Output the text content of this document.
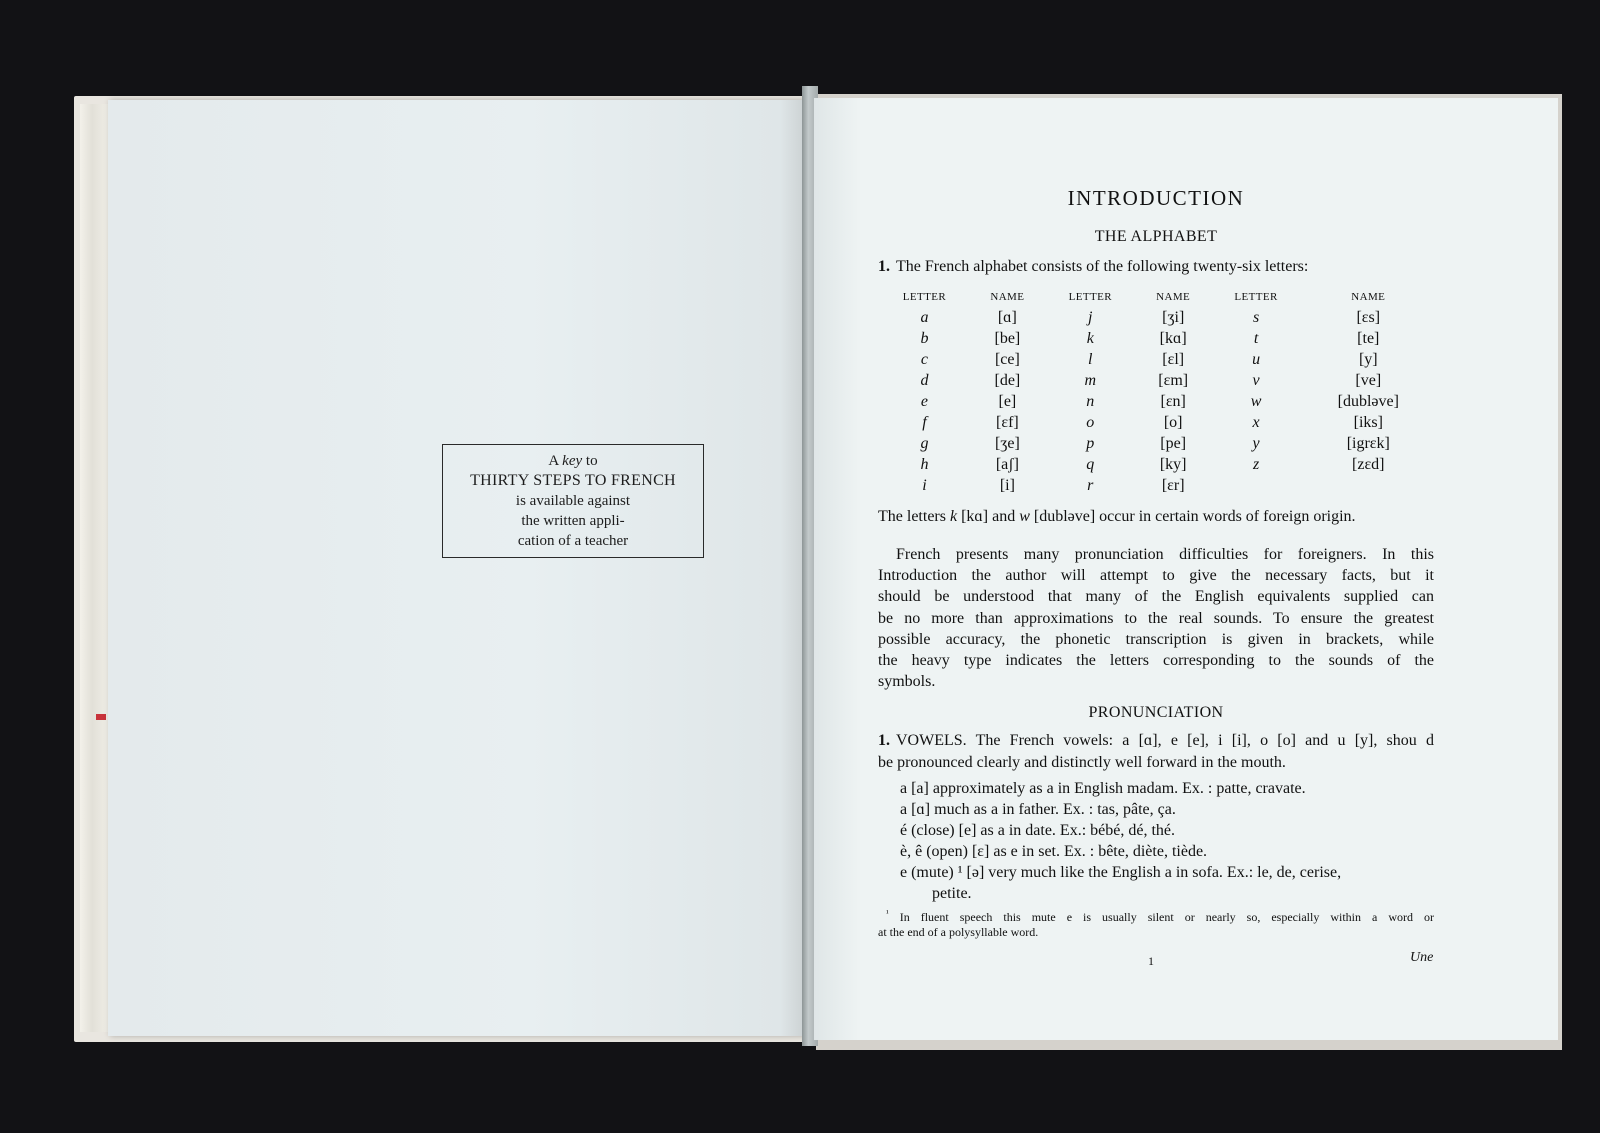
A key to
THIRTY STEPS TO FRENCH
is available against
the written appli-
cation of a teacher
INTRODUCTION
THE ALPHABET
1. The French alphabet consists of the following twenty-six letters:
LETTER	NAME	LETTER	NAME	LETTER	NAME
a	[ɑ]	j	[ʒi]	s	[ɛs]
b	[be]	k	[kɑ]	t	[te]
c	[ce]	l	[ɛl]	u	[y]
d	[de]	m	[ɛm]	v	[ve]
e	[e]	n	[ɛn]	w	[dubləve]
f	[ɛf]	o	[o]	x	[iks]
g	[ʒe]	p	[pe]	y	[igrɛk]
h	[aʃ]	q	[ky]	z	[zɛd]
i	[i]	r	[ɛr]		
The letters k [kɑ] and w [dubləve] occur in certain words of foreign origin.
French presents many pronunciation difficulties for foreigners. In this
Introduction the author will attempt to give the necessary facts, but it
should be understood that many of the English equivalents supplied can
be no more than approximations to the real sounds. To ensure the greatest
possible accuracy, the phonetic transcription is given in brackets, while
the heavy type indicates the letters corresponding to the sounds of the
symbols.
PRONUNCIATION
1. VOWELS. The French vowels: a [ɑ], e [e], i [i], o [o] and u [y], shou d
be pronounced clearly and distinctly well forward in the mouth.
a [a] approximately as a in English madam. Ex. : patte, cravate.
a [ɑ] much as a in father. Ex. : tas, pâte, ça.
é (close) [e] as a in date. Ex.: bébé, dé, thé.
è, ê (open) [ɛ] as e in set. Ex. : bête, diète, tiède.
e (mute) ¹ [ə] very much like the English a in sofa. Ex.: le, de, cerise,
petite.
$^{^1}$ In fluent speech this mute e is usually silent or nearly so, especially within a word or
at the end of a polysyllable word.
1	Une
